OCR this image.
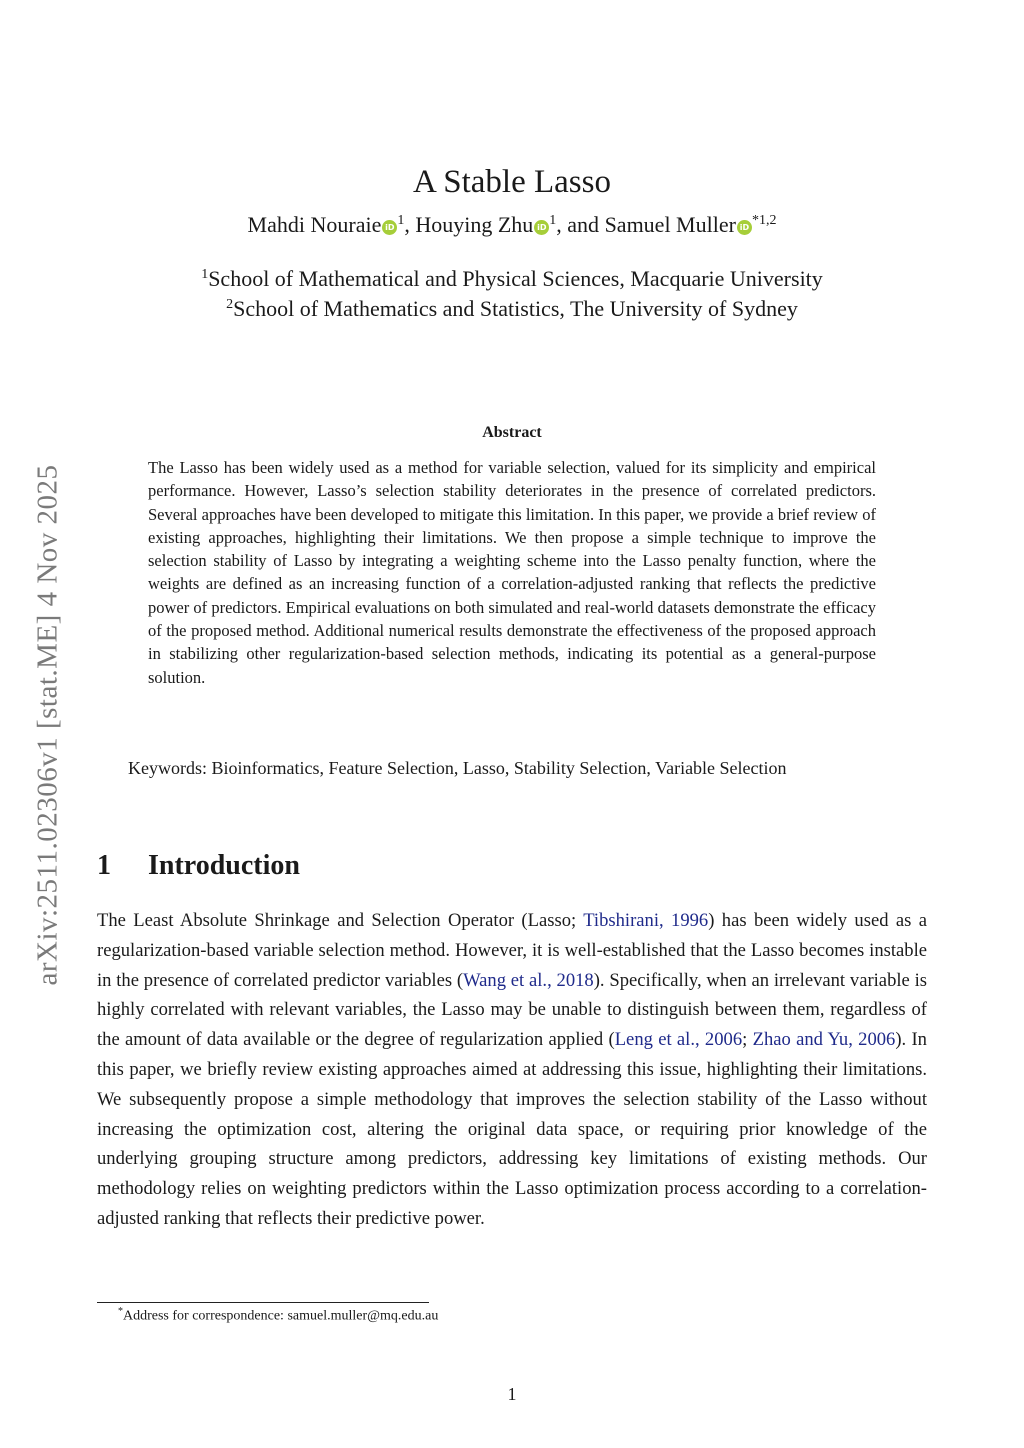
arXiv:2511.02306v1 [stat.ME] 4 Nov 2025
A Stable Lasso
Mahdi Nouraie iD $^1$, Houying Zhu iD $^1$, and Samuel Muller iD $^{*1,2}$
$^1$School of Mathematical and Physical Sciences, Macquarie University
$^2$School of Mathematics and Statistics, The University of Sydney
Abstract

The Lasso has been widely used as a method for variable selection, valued for its simplicity and empirical performance. However, Lasso’s selection stability deteriorates in the presence of correlated predictors. Several approaches have been developed to mitigate this limitation. In this paper, we provide a brief review of existing approaches, highlighting their limitations. We then propose a simple technique to improve the selection stability of Lasso by integrating a weighting scheme into the Lasso penalty function, where the weights are defined as an increasing function of a correlation-adjusted ranking that reflects the predictive power of predictors. Empirical evaluations on both simulated and real-world datasets demonstrate the efficacy of the proposed method. Additional numerical results demonstrate the effectiveness of the proposed approach in stabilizing other regularization-based selection methods, indicating its potential as a general-purpose solution.

Keywords: Bioinformatics, Feature Selection, Lasso, Stability Selection, Variable Selection
1 Introduction

The Least Absolute Shrinkage and Selection Operator (Lasso; Tibshirani, 1996) has been widely used as a regularization-based variable selection method. However, it is well-established that the Lasso becomes instable in the presence of correlated predictor variables (Wang et al., 2018). Specifically, when an irrelevant variable is highly correlated with relevant variables, the Lasso may be unable to distinguish between them, regardless of the amount of data available or the degree of regularization applied (Leng et al., 2006; Zhao and Yu, 2006). In this paper, we briefly review existing approaches aimed at addressing this issue, highlighting their limitations. We subsequently propose a simple methodology that improves the selection stability of the Lasso without increasing the optimization cost, altering the original data space, or requiring prior knowledge of the underlying grouping structure among predictors, addressing key limitations of existing methods. Our methodology relies on weighting predictors within the Lasso optimization process according to a correlation-adjusted ranking that reflects their predictive power.

*Address for correspondence: samuel.muller@mq.edu.au
1
